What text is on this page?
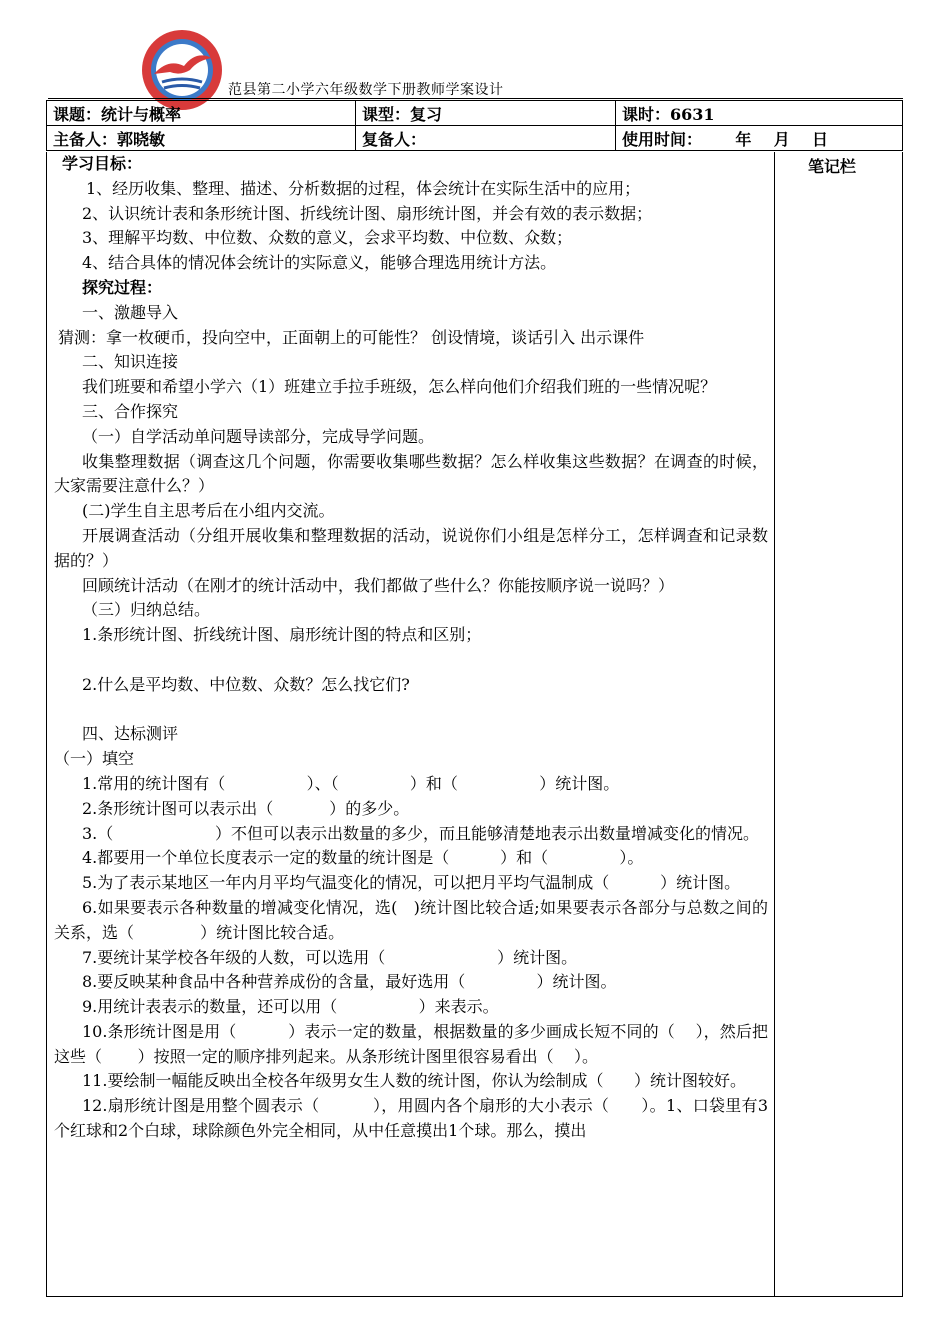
范县第二小学六年级数学下册教师学案设计
课题：统计与概率	课型：复习	课时：6631
主备人：郭晓敏	复备人：	使用时间：      年    月    日
笔记栏

学习目标：

1、经历收集、整理、描述、分析数据的过程，体会统计在实际生活中的应用；

2、认识统计表和条形统计图、折线统计图、扇形统计图，并会有效的表示数据；

3、理解平均数、中位数、众数的意义，会求平均数、中位数、众数；

4、结合具体的情况体会统计的实际意义，能够合理选用统计方法。

探究过程：

一、激趣导入

猜测：拿一枚硬币，投向空中，正面朝上的可能性？ 创设情境，谈话引入 出示课件

二、知识连接

我们班要和希望小学六（1）班建立手拉手班级，怎么样向他们介绍我们班的一些情况呢？

三、合作探究

（一）自学活动单问题导读部分，完成导学问题。

收集整理数据（调查这几个问题，你需要收集哪些数据？怎么样收集这些数据？在调查的时候，大家需要注意什么？）

(二)学生自主思考后在小组内交流。

开展调查活动（分组开展收集和整理数据的活动，说说你们小组是怎样分工，怎样调查和记录数据的？）

回顾统计活动（在刚才的统计活动中，我们都做了些什么？你能按顺序说一说吗？）

（三）归纳总结。

1.条形统计图、折线统计图、扇形统计图的特点和区别；

2.什么是平均数、中位数、众数？怎么找它们?

四、达标测评

（一）填空

1.常用的统计图有（                ）、（              ）和（                ）统计图。

2.条形统计图可以表示出（           ）的多少。

3.（                    ）不但可以表示出数量的多少，而且能够清楚地表示出数量增减变化的情况。

4.都要用一个单位长度表示一定的数量的统计图是（          ）和（              ）。

5.为了表示某地区一年内月平均气温变化的情况，可以把月平均气温制成（          ）统计图。

6.如果要表示各种数量的增减变化情况，选(   )统计图比较合适;如果要表示各部分与总数之间的关系，选（             ）统计图比较合适。

7.要统计某学校各年级的人数，可以选用（                      ）统计图。

8.要反映某种食品中各种营养成份的含量，最好选用（              ）统计图。

9.用统计表表示的数量，还可以用（                ）来表示。

10.条形统计图是用（          ）表示一定的数量，根据数量的多少画成长短不同的（    ），然后把这些（       ）按照一定的顺序排列起来。从条形统计图里很容易看出（    ）。

11.要绘制一幅能反映出全校各年级男女生人数的统计图，你认为绘制成（      ）统计图较好。

12.扇形统计图是用整个圆表示（          ），用圆内各个扇形的大小表示（      ）。1、口袋里有3个红球和2个白球，球除颜色外完全相同，从中任意摸出1个球。那么，摸出
